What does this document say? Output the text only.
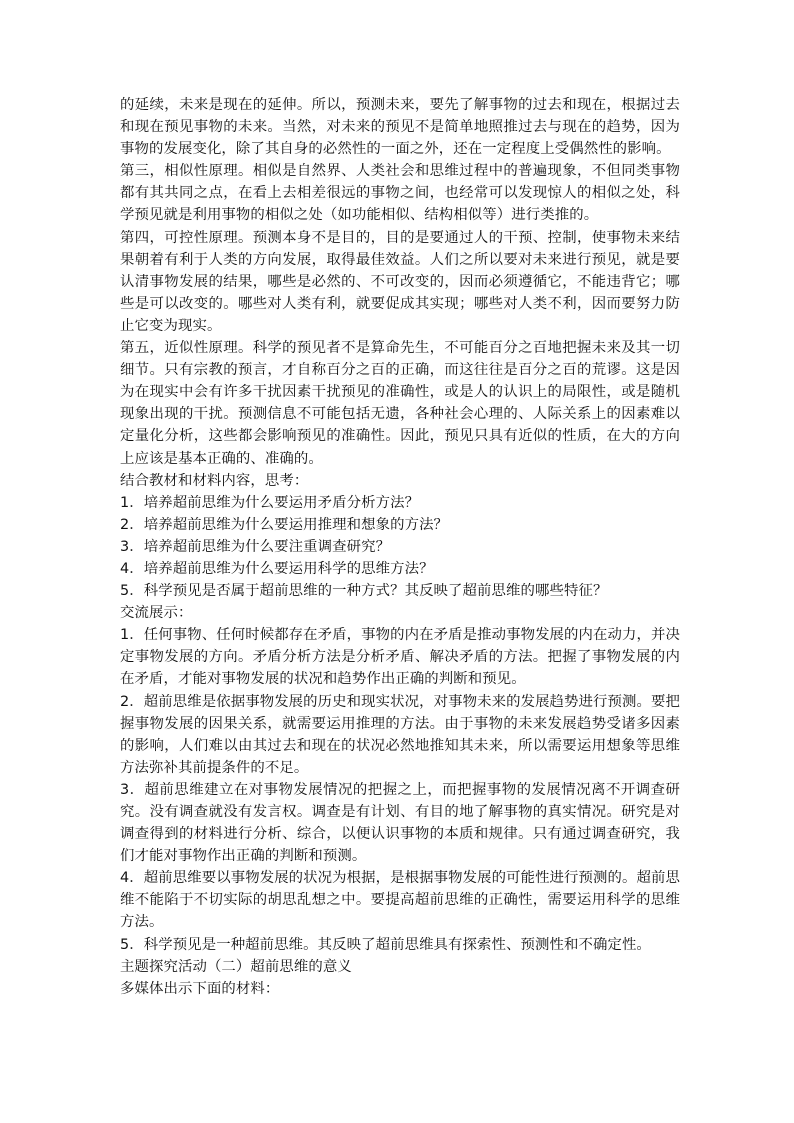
的延续，未来是现在的延伸。所以，预测未来，要先了解事物的过去和现在，根据过去和现在预见事物的未来。当然，对未来的预见不是简单地照推过去与现在的趋势，因为事物的发展变化，除了其自身的必然性的一面之外，还在一定程度上受偶然性的影响。

第三，相似性原理。相似是自然界、人类社会和思维过程中的普遍现象，不但同类事物都有其共同之点，在看上去相差很远的事物之间，也经常可以发现惊人的相似之处，科学预见就是利用事物的相似之处（如功能相似、结构相似等）进行类推的。

第四，可控性原理。预测本身不是目的，目的是要通过人的干预、控制，使事物未来结果朝着有利于人类的方向发展，取得最佳效益。人们之所以要对未来进行预见，就是要认清事物发展的结果，哪些是必然的、不可改变的，因而必须遵循它，不能违背它；哪些是可以改变的。哪些对人类有利，就要促成其实现；哪些对人类不利，因而要努力防止它变为现实。

第五，近似性原理。科学的预见者不是算命先生，不可能百分之百地把握未来及其一切细节。只有宗教的预言，才自称百分之百的正确，而这往往是百分之百的荒谬。这是因为在现实中会有许多干扰因素干扰预见的准确性，或是人的认识上的局限性，或是随机现象出现的干扰。预测信息不可能包括无遗，各种社会心理的、人际关系上的因素难以定量化分析，这些都会影响预见的准确性。因此，预见只具有近似的性质，在大的方向上应该是基本正确的、准确的。

结合教材和材料内容，思考：

1．培养超前思维为什么要运用矛盾分析方法？

2．培养超前思维为什么要运用推理和想象的方法？

3．培养超前思维为什么要注重调查研究？

4．培养超前思维为什么要运用科学的思维方法？

5．科学预见是否属于超前思维的一种方式？其反映了超前思维的哪些特征？

交流展示：

1．任何事物、任何时候都存在矛盾，事物的内在矛盾是推动事物发展的内在动力，并决定事物发展的方向。矛盾分析方法是分析矛盾、解决矛盾的方法。把握了事物发展的内在矛盾，才能对事物发展的状况和趋势作出正确的判断和预见。

2．超前思维是依据事物发展的历史和现实状况，对事物未来的发展趋势进行预测。要把握事物发展的因果关系，就需要运用推理的方法。由于事物的未来发展趋势受诸多因素的影响，人们难以由其过去和现在的状况必然地推知其未来，所以需要运用想象等思维方法弥补其前提条件的不足。

3．超前思维建立在对事物发展情况的把握之上，而把握事物的发展情况离不开调查研究。没有调查就没有发言权。调查是有计划、有目的地了解事物的真实情况。研究是对调查得到的材料进行分析、综合，以便认识事物的本质和规律。只有通过调查研究，我们才能对事物作出正确的判断和预测。

4．超前思维要以事物发展的状况为根据，是根据事物发展的可能性进行预测的。超前思维不能陷于不切实际的胡思乱想之中。要提高超前思维的正确性，需要运用科学的思维方法。

5．科学预见是一种超前思维。其反映了超前思维具有探索性、预测性和不确定性。

主题探究活动（二）超前思维的意义

多媒体出示下面的材料：
